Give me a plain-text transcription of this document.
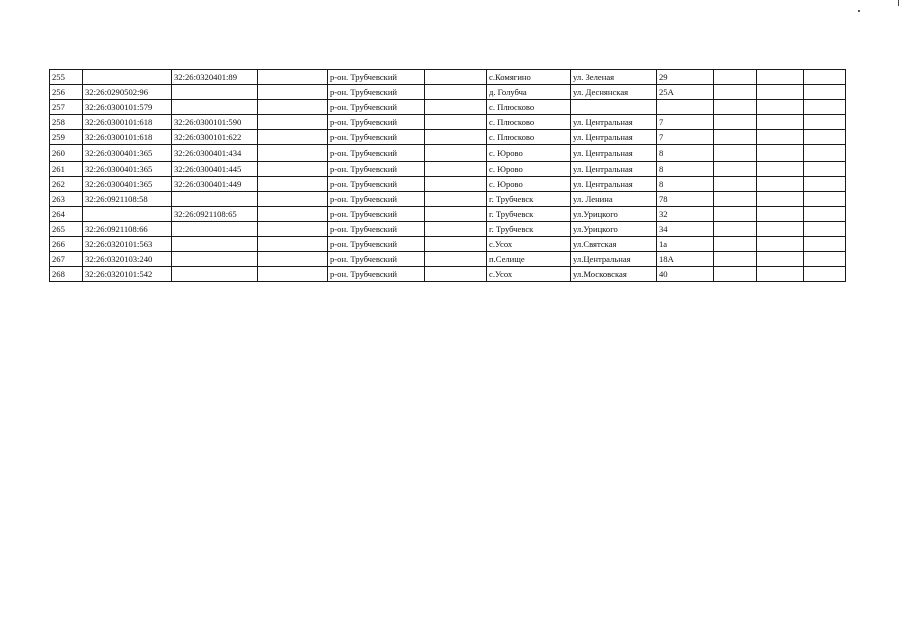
255		32:26:0320401:89		р-он. Трубчевский		с.Комягино	ул. Зеленая	29			
256	32:26:0290502:96			р-он. Трубчевский		д. Голубча	ул. Деснянская	25А			
257	32:26:0300101:579			р-он. Трубчевский		с. Плюсково					
258	32:26:0300101:618	32:26:0300101:590		р-он. Трубчевский		с. Плюсково	ул. Центральная	7			
259	32:26:0300101:618	32:26:0300101:622		р-он. Трубчевский		с. Плюсково	ул. Центральная	7			
260	32:26:0300401:365	32:26:0300401:434		р-он. Трубчевский		с. Юрово	ул. Центральная	8			
261	32:26:0300401:365	32:26:0300401:445		р-он. Трубчевский		с. Юрово	ул. Центральная	8			
262	32:26:0300401:365	32:26:0300401:449		р-он. Трубчевский		с. Юрово	ул. Центральная	8			
263	32:26:0921108:58			р-он. Трубчевский		г. Трубчевск	ул. Ленина	78			
264		32:26:0921108:65		р-он. Трубчевский		г. Трубчевск	ул.Урицкого	32			
265	32:26:0921108:66			р-он. Трубчевский		г. Трубчевск	ул.Урицкого	34			
266	32:26:0320101:563			р-он. Трубчевский		с.Усох	ул.Святская	1а			
267	32:26:0320103:240			р-он. Трубчевский		п.Селище	ул.Центральная	18А			
268	32:26:0320101:542			р-он. Трубчевский		с.Усох	ул.Московская	40			
